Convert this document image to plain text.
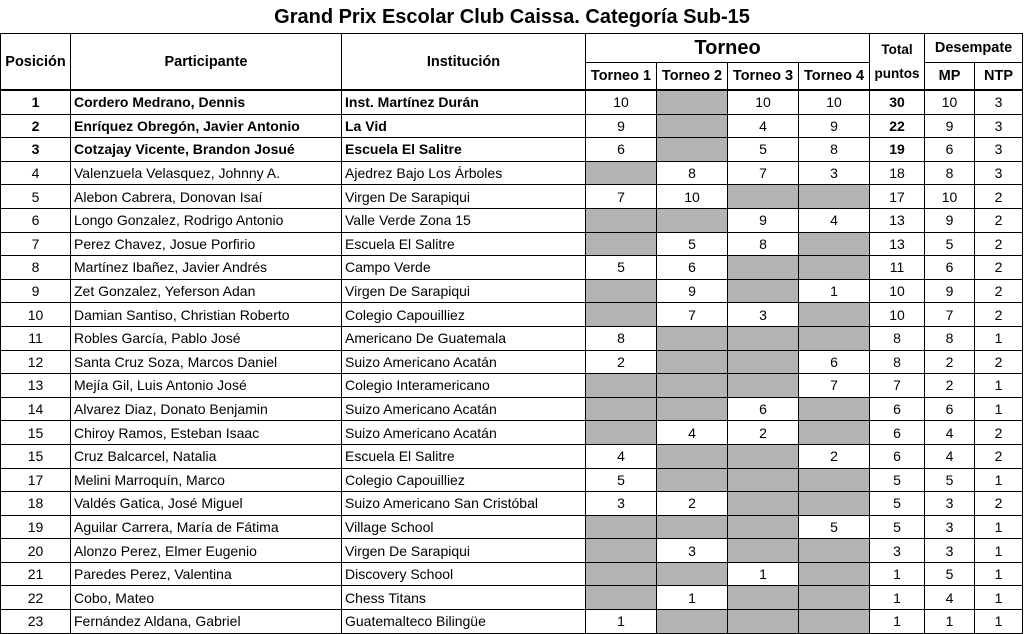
Grand Prix Escolar Club Caissa. Categoría Sub-15
Posición	Participante	Institución	Torneo				Total
puntos	Desempate	
			Torneo 1	Torneo 2	Torneo 3	Torneo 4		MP	NTP
1	Cordero Medrano, Dennis	Inst. Martínez Durán	10		10	10	30	10	3
2	Enríquez Obregón, Javier Antonio	La Vid	9		4	9	22	9	3
3	Cotzajay Vicente, Brandon Josué	Escuela El Salitre	6		5	8	19	6	3
4	Valenzuela Velasquez, Johnny A.	Ajedrez Bajo Los Árboles		8	7	3	18	8	3
5	Alebon Cabrera, Donovan Isaí	Virgen De Sarapiqui	7	10			17	10	2
6	Longo Gonzalez, Rodrigo Antonio	Valle Verde Zona 15			9	4	13	9	2
7	Perez Chavez, Josue Porfirio	Escuela El Salitre		5	8		13	5	2
8	Martínez Ibañez, Javier Andrés	Campo Verde	5	6			11	6	2
9	Zet Gonzalez, Yeferson Adan	Virgen De Sarapiqui		9		1	10	9	2
10	Damian Santiso, Christian Roberto	Colegio Capouilliez		7	3		10	7	2
11	Robles García, Pablo José	Americano De Guatemala	8				8	8	1
12	Santa Cruz Soza, Marcos Daniel	Suizo Americano Acatán	2			6	8	2	2
13	Mejía Gil, Luis Antonio José	Colegio Interamericano				7	7	2	1
14	Alvarez Diaz, Donato Benjamin	Suizo Americano Acatán			6		6	6	1
15	Chiroy Ramos, Esteban Isaac	Suizo Americano Acatán		4	2		6	4	2
15	Cruz Balcarcel, Natalia	Escuela El Salitre	4			2	6	4	2
17	Melini Marroquín, Marco	Colegio Capouilliez	5				5	5	1
18	Valdés Gatica, José Miguel	Suizo Americano San Cristóbal	3	2			5	3	2
19	Aguilar Carrera, María de Fátima	Village School				5	5	3	1
20	Alonzo Perez, Elmer Eugenio	Virgen De Sarapiqui		3			3	3	1
21	Paredes Perez, Valentina	Discovery School			1		1	5	1
22	Cobo, Mateo	Chess Titans		1			1	4	1
23	Fernández Aldana, Gabriel	Guatemalteco Bilingüe	1				1	1	1
